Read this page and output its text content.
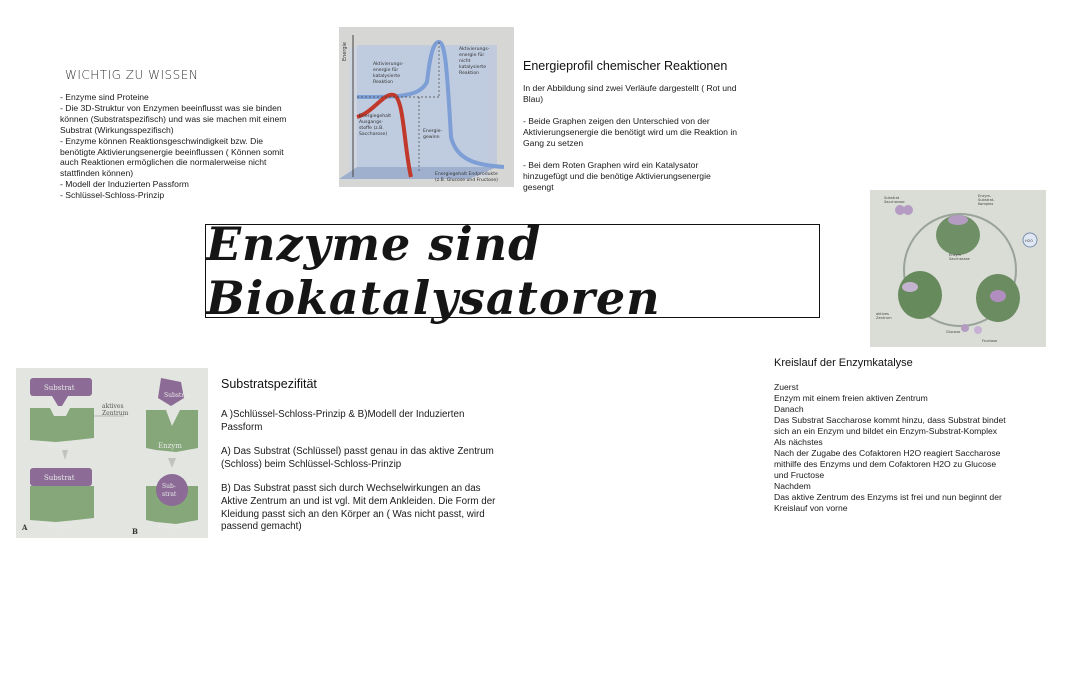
WICHTIG ZU WISSEN
- Enzyme sind Proteine
- Die 3D-Struktur von Enzymen beeinflusst was sie binden
können (Substratspezifisch) und was sie machen mit einem
Substrat (Wirkungsspezifisch)
- Enzyme können Reaktionsgeschwindigkeit bzw. Die
benötigte Aktivierungsenergie beeinflussen ( Können somit
auch Reaktionen ermöglichen die normalerweise nicht
stattfinden können)
- Modell der Induzierten Passform
- Schlüssel-Schloss-Prinzip
Energie	Aktivierungs-
energie für
nicht
katalysierte
Reaktion
Aktivierungs-
energie für
katalysierte
Reaktion
Energiegehalt
Ausgangs-
stoffe (z.B.
Saccharose)
Energie-
gewinn
Energiegehalt Endprodukte
(z.B. Glucose und Fructose)
Energieprofil chemischer Reaktionen
In der Abbildung sind zwei Verläufe dargestellt ( Rot und
Blau)
- Beide Graphen zeigen den Unterschied von der
Aktivierungsenergie die benötigt wird um die Reaktion in
Gang zu setzen
- Bei dem Roten Graphen wird ein Katalysator
hinzugefügt und die benötige Aktivierungsenergie
gesengt
Enzyme sind Biokatalysatoren
Substrat
Saccharose
Enzym-
Substrat-
Komplex
Enzym
Saccharase
H2O
aktives
Zentrum
Glucose
Fructose
Kreislauf der Enzymkatalyse
Zuerst
Enzym mit einem freien aktiven Zentrum
Danach
Das Substrat Saccharose kommt hinzu, dass Substrat bindet
sich an ein Enzym und bildet ein Enzym-Substrat-Komplex
Als nächstes
Nach der Zugabe des Cofaktoren H2O reagiert Saccharose
mithilfe des Enzyms und dem Cofaktoren H2O zu Glucose
und Fructose
Nachdem
Das aktive Zentrum des Enzyms ist frei und nun beginnt der
Kreislauf von vorne
Substrat
Substrat
Substrat
Enzym
Enzym
Enzym
Enzym
Sub-
strat
aktives
Zentrum
A	B
Substratspezifität
A )Schlüssel-Schloss-Prinzip & B)Modell der Induzierten
Passform
A) Das Substrat (Schlüssel) passt genau in das aktive Zentrum
(Schloss) beim Schlüssel-Schloss-Prinzip
B) Das Substrat passt sich durch Wechselwirkungen an das
Aktive Zentrum an und ist vgl. Mit dem Ankleiden. Die Form der
Kleidung passt sich an den Körper an ( Was nicht passt, wird
passend gemacht)
